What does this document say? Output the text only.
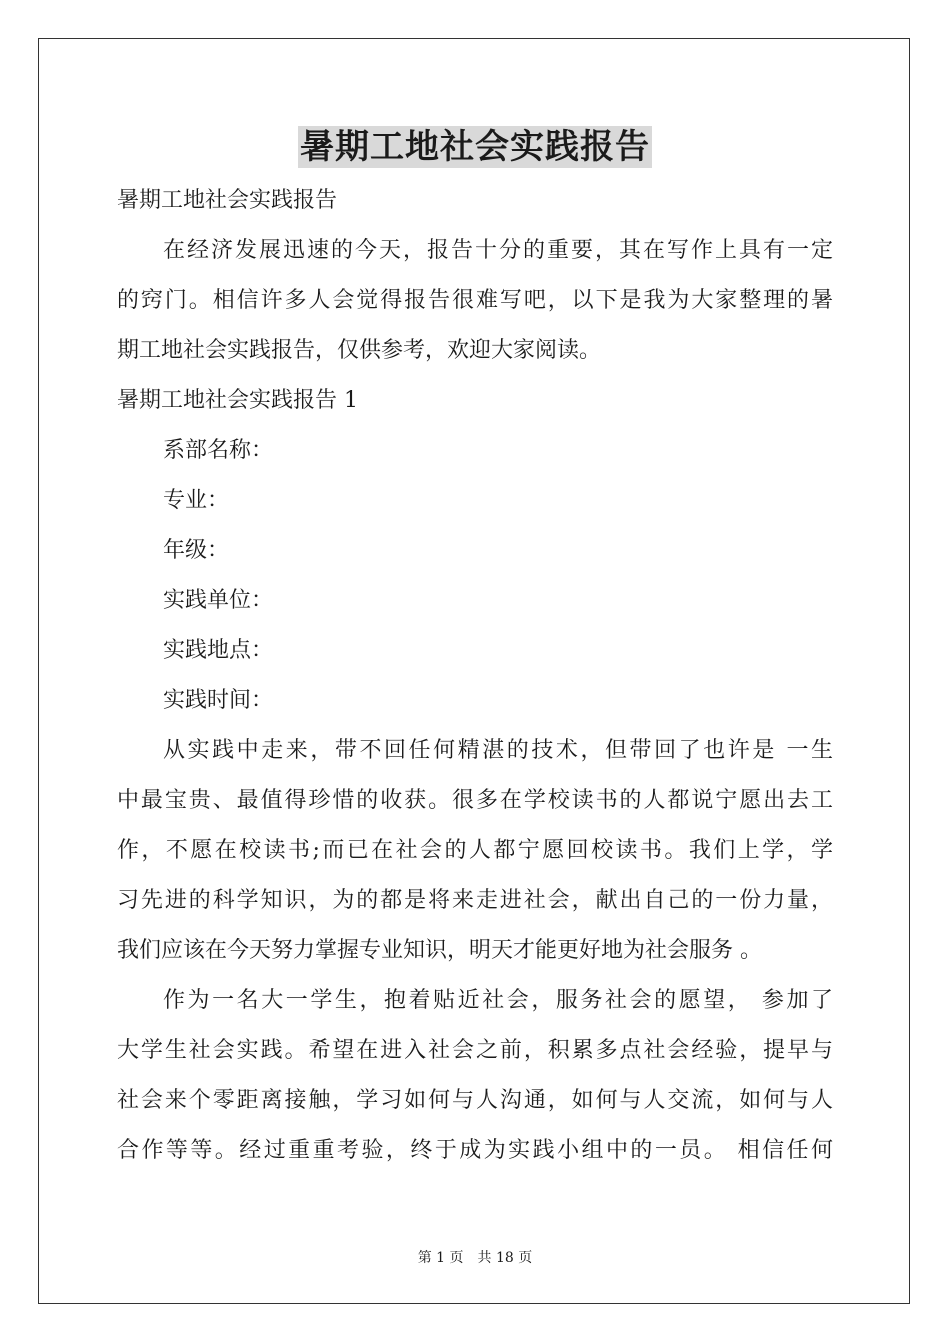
暑期工地社会实践报告
暑期工地社会实践报告
在经济发展迅速的今天，报告十分的重要，其在写作上具有一定
的窍门。相信许多人会觉得报告很难写吧，以下是我为大家整理的暑
期工地社会实践报告，仅供参考，欢迎大家阅读。
暑期工地社会实践报告 1
系部名称：
专业：
年级：
实践单位：
实践地点：
实践时间：
从实践中走来，带不回任何精湛的技术，但带回了也许是 一生
中最宝贵、最值得珍惜的收获。很多在学校读书的人都说宁愿出去工
作，不愿在校读书;而已在社会的人都宁愿回校读书。我们上学，学
习先进的科学知识，为的都是将来走进社会，献出自己的一份力量，
我们应该在今天努力掌握专业知识，明天才能更好地为社会服务 。
作为一名大一学生，抱着贴近社会，服务社会的愿望， 参加了
大学生社会实践。希望在进入社会之前，积累多点社会经验，提早与
社会来个零距离接触，学习如何与人沟通，如何与人交流，如何与人
合作等等。经过重重考验，终于成为实践小组中的一员。 相信任何
第 1 页　共 18 页
